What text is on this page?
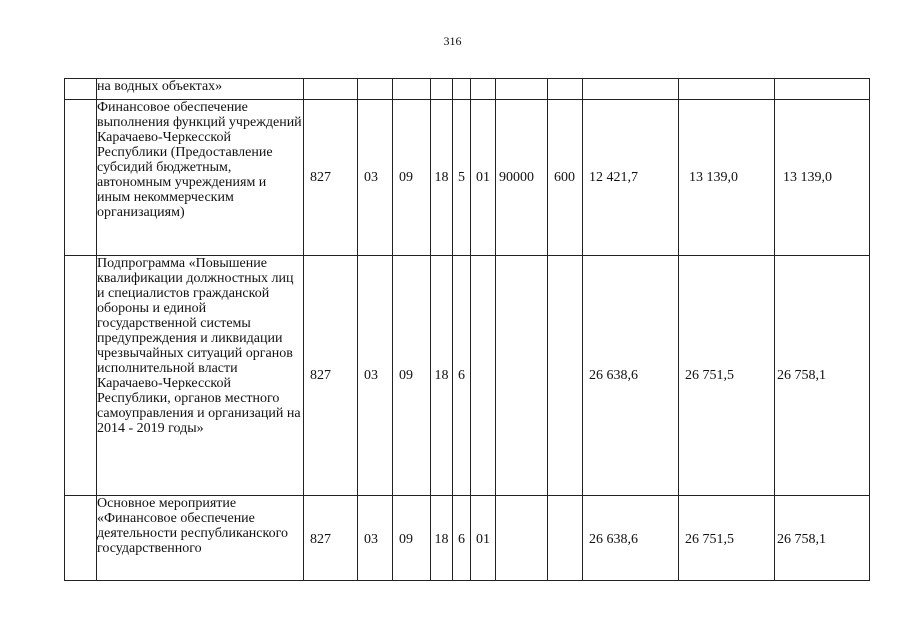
316
	на водных объектах»	

	Финансовое обеспечение выполнения функций учреждений Карачаево-Черкесской Республики (Предоставление субсидий бюджетным, автономным учреждениям и иным некоммерческим организациям)	827	03	09	18	5	01	90000	600	12 421,7	13 139,0	13 139,0

	Подпрограмма «Повышение квалификации должностных лиц и специалистов гражданской обороны и единой государственной системы предупреждения и ликвидации чрезвычайных ситуаций органов исполнительной власти Карачаево-Черкесской Республики, органов местного самоуправления и организаций на 2014 - 2019 годы»	827	03	09	18	6				26 638,6	26 751,5	26 758,1

	Основное мероприятие «Финансовое обеспечение деятельности республиканского государственного	827	03	09	18	6	01			26 638,6	26 751,5	26 758,1
